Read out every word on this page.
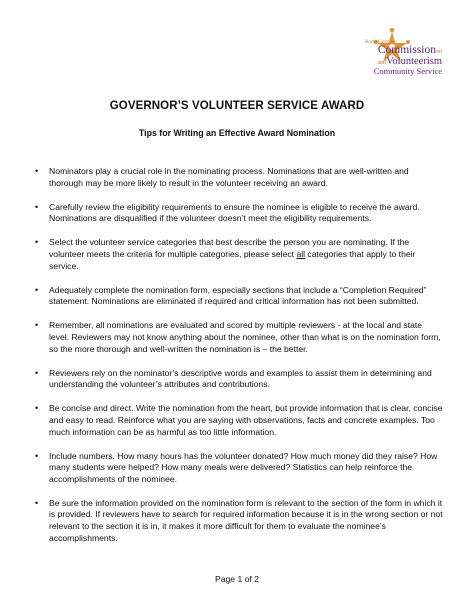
North Carolina
Commissionon
andVolunteerism
Community Service
GOVERNOR’S VOLUNTEER SERVICE AWARD
Tips for Writing an Effective Award Nomination
• Nominators play a crucial role in the nominating process. Nominations that are well-written and thorough may be more likely to result in the volunteer receiving an award.
• Carefully review the eligibility requirements to ensure the nominee is eligible to receive the award. Nominations are disqualified if the volunteer doesn’t meet the eligibility requirements.
• Select the volunteer service categories that best describe the person you are nominating. If the volunteer meets the criteria for multiple categories, please select all categories that apply to their service.
• Adequately complete the nomination form, especially sections that include a “Completion Required” statement. Nominations are eliminated if required and critical information has not been submitted.
• Remember, all nominations are evaluated and scored by multiple reviewers - at the local and state level. Reviewers may not know anything about the nominee, other than what is on the nomination form, so the more thorough and well-written the nomination is – the better.
• Reviewers rely on the nominator’s descriptive words and examples to assist them in determining and understanding the volunteer’s attributes and contributions.
• Be concise and direct. Write the nomination from the heart, but provide information that is clear, concise and easy to read. Reinforce what you are saying with observations, facts and concrete examples. Too much information can be as harmful as too little information.
• Include numbers. How many hours has the volunteer donated? How much money did they raise? How many students were helped? How many meals were delivered? Statistics can help reinforce the accomplishments of the nominee.
• Be sure the information provided on the nomination form is relevant to the section of the form in which it is provided. If reviewers have to search for required information because it is in the wrong section or not relevant to the section it is in, it makes it more difficult for them to evaluate the nominee’s accomplishments.
Page 1 of 2
